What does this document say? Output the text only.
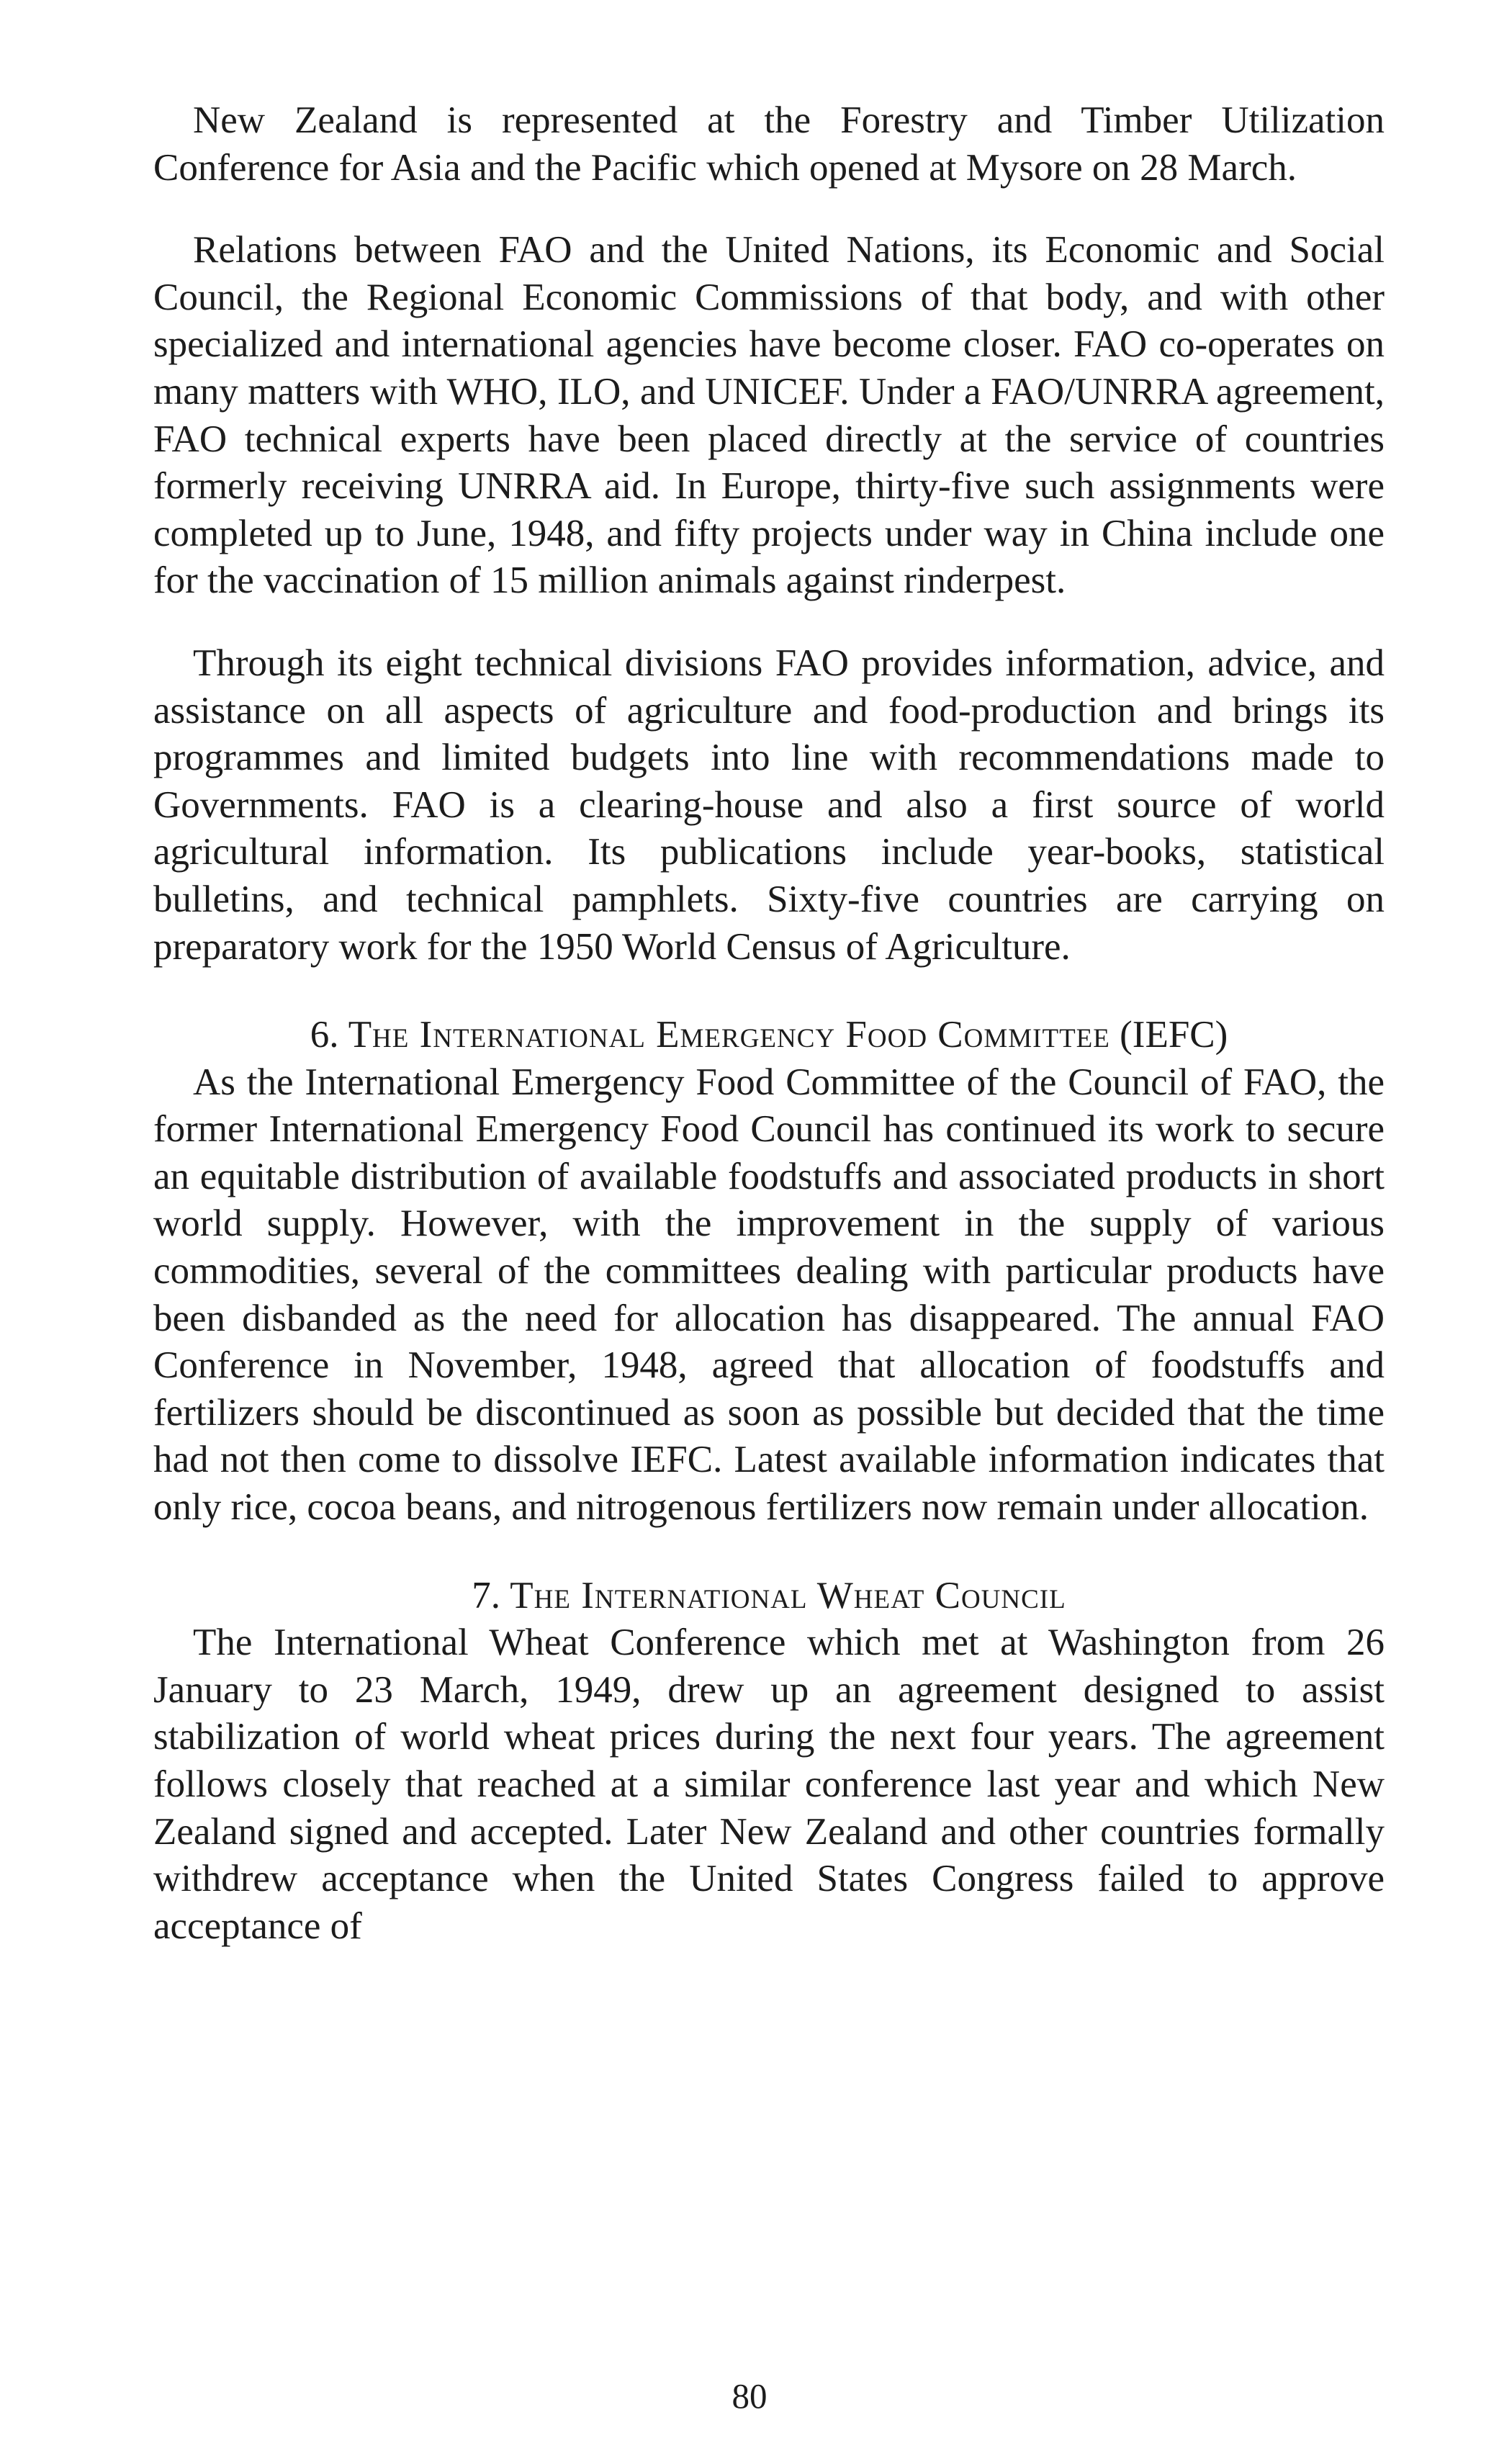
New Zealand is represented at the Forestry and Timber Utilization Conference for Asia and the Pacific which opened at Mysore on 28 March.

Relations between FAO and the United Nations, its Economic and Social Council, the Regional Economic Commissions of that body, and with other specialized and international agencies have become closer. FAO co-operates on many matters with WHO, ILO, and UNICEF. Under a FAO/UNRRA agreement, FAO technical experts have been placed directly at the service of countries formerly receiving UNRRA aid. In Europe, thirty-five such assignments were completed up to June, 1948, and fifty projects under way in China include one for the vaccination of 15 million animals against rinderpest.

Through its eight technical divisions FAO provides information, advice, and assistance on all aspects of agriculture and food-production and brings its programmes and limited budgets into line with recommendations made to Governments. FAO is a clearing-house and also a first source of world agricultural information. Its publications include year-books, statistical bulletins, and technical pamphlets. Sixty-five countries are carrying on preparatory work for the 1950 World Census of Agriculture.

6. The International Emergency Food Committee (IEFC)

As the International Emergency Food Committee of the Council of FAO, the former International Emergency Food Council has continued its work to secure an equitable distribution of available foodstuffs and associated products in short world supply. However, with the improvement in the supply of various commodities, several of the committees dealing with particular products have been disbanded as the need for allocation has disappeared. The annual FAO Conference in November, 1948, agreed that allocation of foodstuffs and fertilizers should be discontinued as soon as possible but decided that the time had not then come to dissolve IEFC. Latest available information indicates that only rice, cocoa beans, and nitrogenous fertilizers now remain under allocation.

7. The International Wheat Council

The International Wheat Conference which met at Washington from 26 January to 23 March, 1949, drew up an agreement designed to assist stabilization of world wheat prices during the next four years. The agreement follows closely that reached at a similar conference last year and which New Zealand signed and accepted. Later New Zealand and other countries formally withdrew acceptance when the United States Congress failed to approve acceptance of

80
